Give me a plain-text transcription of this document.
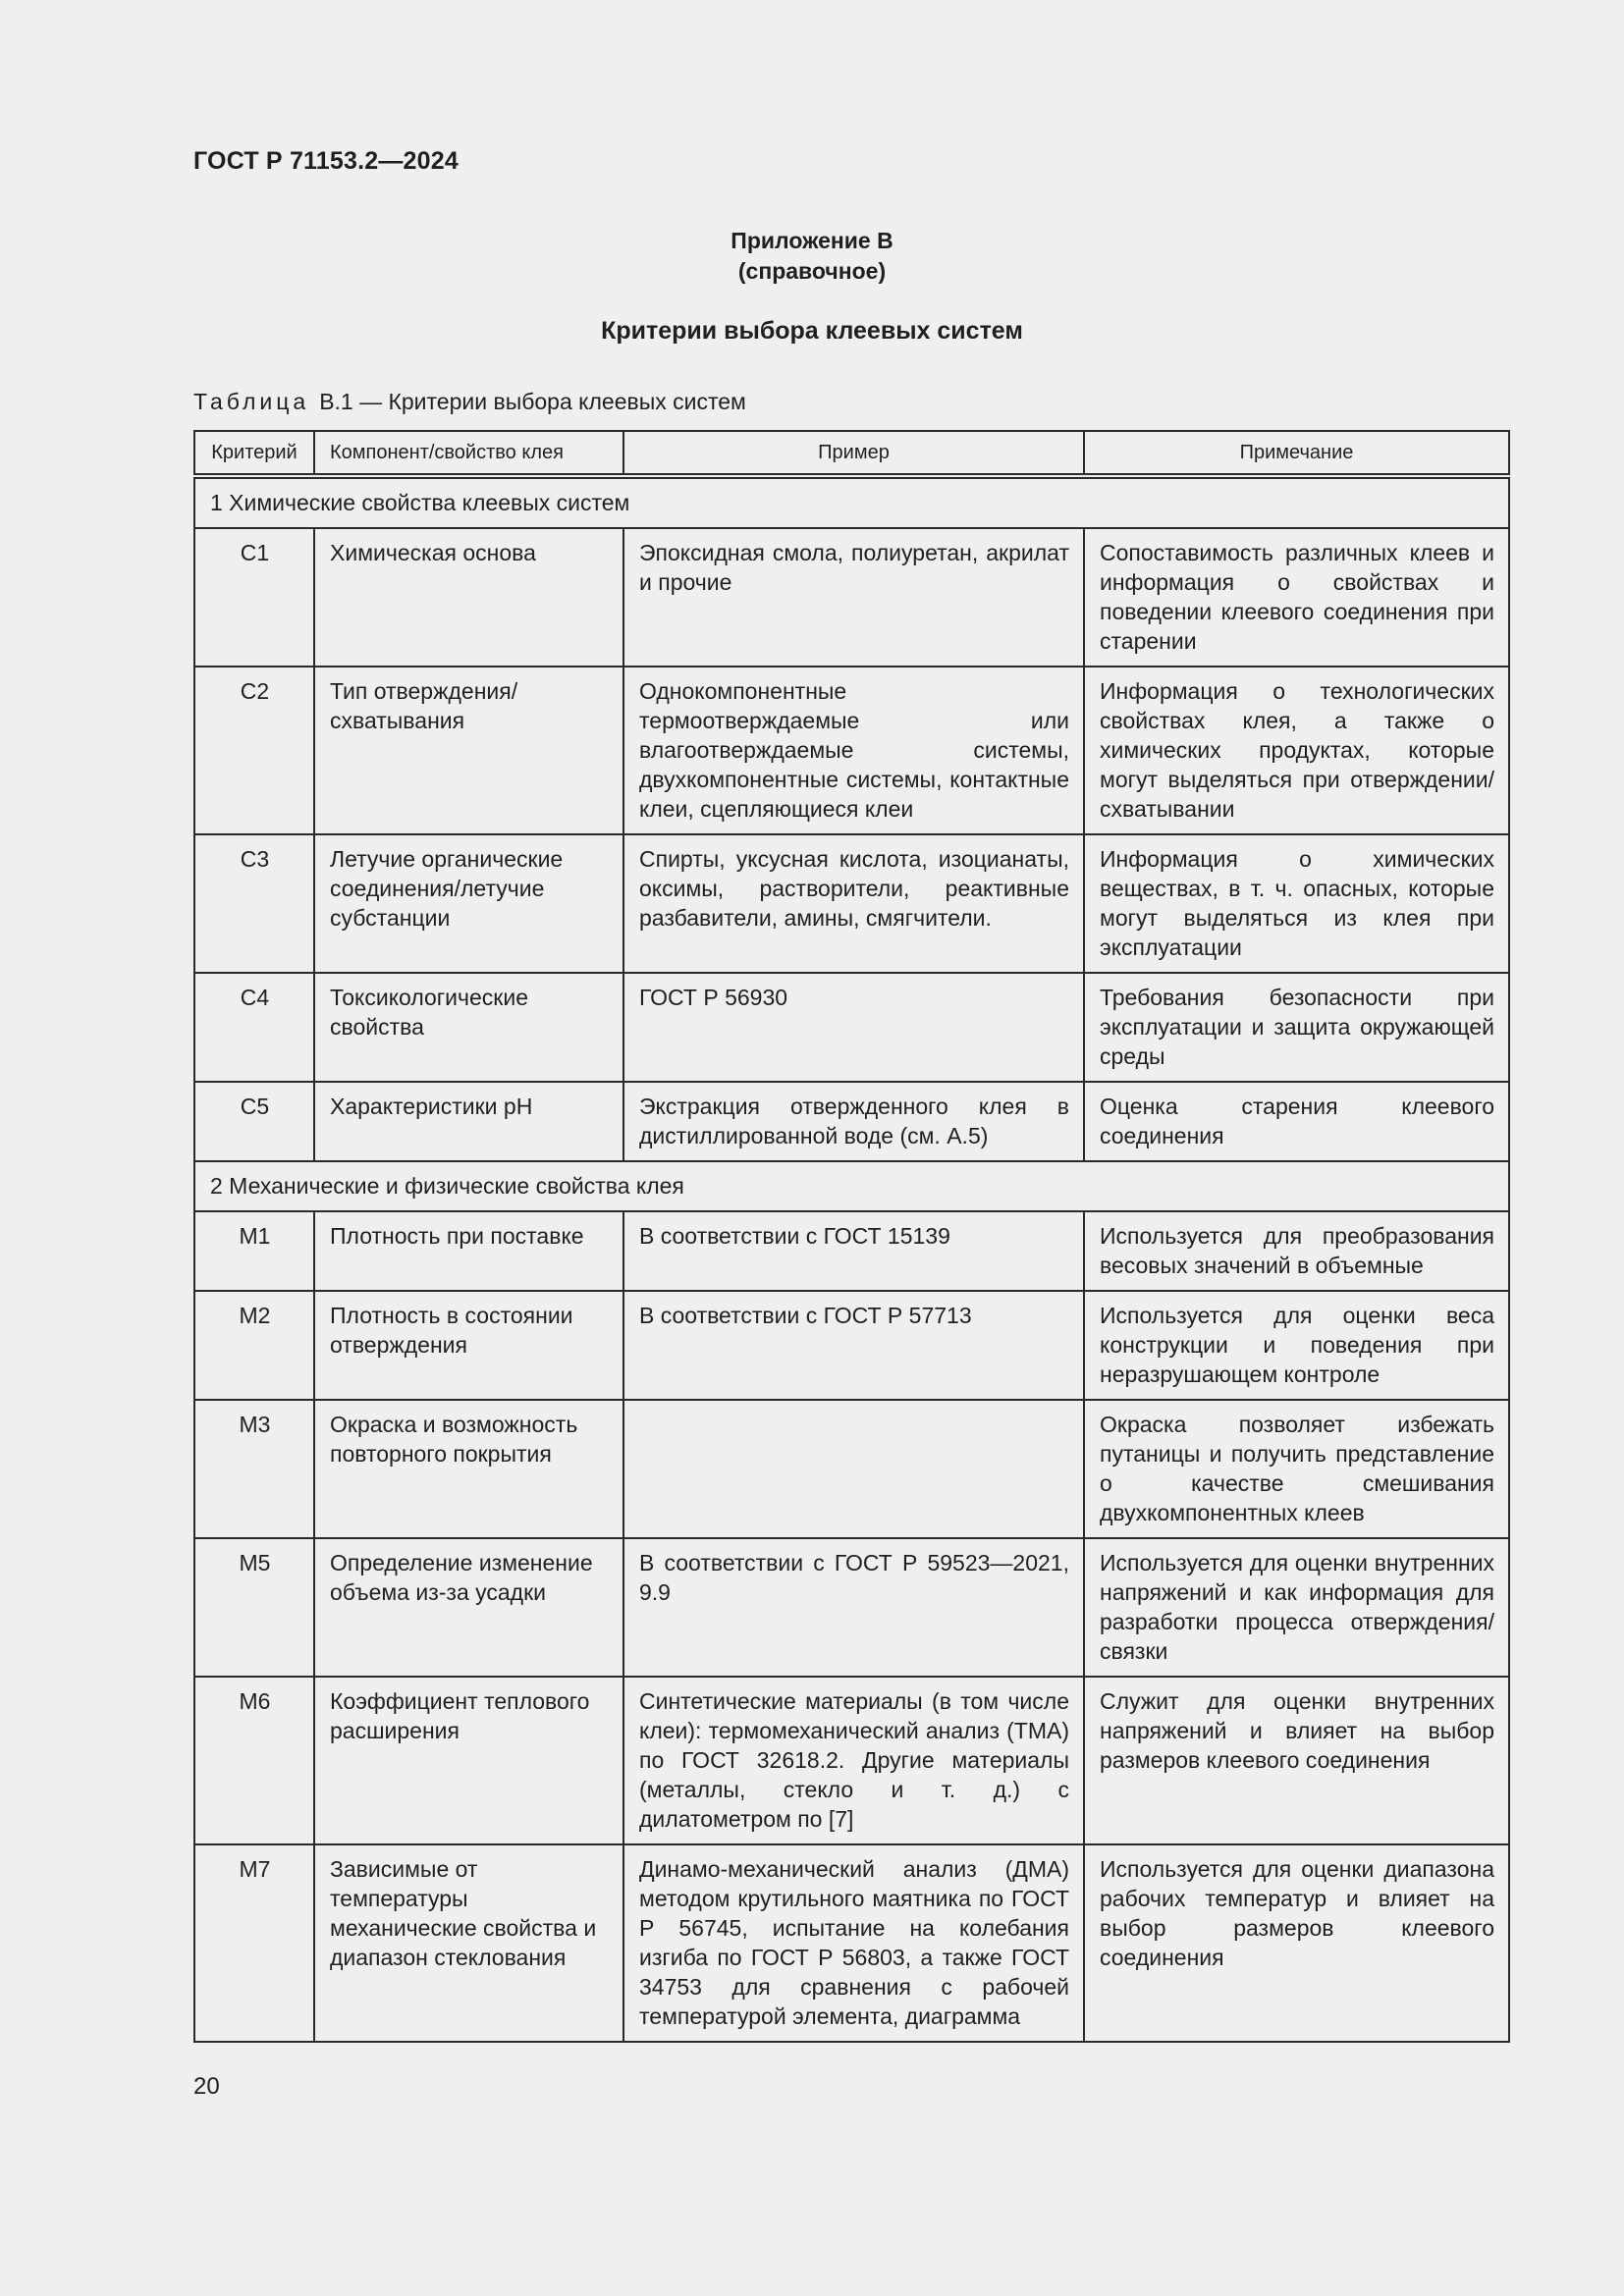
ГОСТ Р 71153.2—2024
Приложение В
(справочное)
Критерии выбора клеевых систем
Таблица В.1 — Критерии выбора клеевых систем
Критерий	Компонент/свойство клея	Пример	Примечание
1 Химические свойства клеевых систем			
С1	Химическая основа	Эпоксидная смола, полиуретан, акрилат и прочие	Сопоставимость различных клеев и информация о свойствах и поведении клеевого соединения при старении
С2	Тип отверждения/ схватывания	Однокомпонентные термоотверждаемые или влагоотверждаемые системы, двухкомпонентные системы, контактные клеи, сцепляющиеся клеи	Информация о технологических свойствах клея, а также о химических продуктах, которые могут выделяться при отверждении/ схватывании
С3	Летучие органические соединения/летучие субстанции	Спирты, уксусная кислота, изоцианаты, оксимы, растворители, реактивные разбавители, амины, смягчители.	Информация о химических веществах, в т. ч. опасных, которые могут выделяться из клея при эксплуатации
С4	Токсикологические свойства	ГОСТ Р 56930	Требования безопасности при эксплуатации и защита окружающей среды
С5	Характеристики pH	Экстракция отвержденного клея в дистиллированной воде (см. А.5)	Оценка старения клеевого соединения
2 Механические и физические свойства клея			
М1	Плотность при поставке	В соответствии с ГОСТ 15139	Используется для преобразования весовых значений в объемные
М2	Плотность в состоянии отверждения	В соответствии с ГОСТ Р 57713	Используется для оценки веса конструкции и поведения при неразрушающем контроле
М3	Окраска и возможность повторного покрытия		Окраска позволяет избежать путаницы и получить представление о качестве смешивания двухкомпонентных клеев
М5	Определение изменение объема из-за усадки	В соответствии с ГОСТ Р 59523—2021, 9.9	Используется для оценки внутренних напряжений и как информация для разработки процесса отверждения/связки
М6	Коэффициент теплового расширения	Синтетические материалы (в том числе клеи): термомеханический анализ (ТМА) по ГОСТ 32618.2. Другие материалы (металлы, стекло и т. д.) с дилатометром по [7]	Служит для оценки внутренних напряжений и влияет на выбор размеров клеевого соединения
М7	Зависимые от температуры механические свойства и диапазон стеклования	Динамо-механический анализ (ДМА) методом крутильного маятника по ГОСТ Р 56745, испытание на колебания изгиба по ГОСТ Р 56803, а также ГОСТ 34753 для сравнения с рабочей температурой элемента, диаграмма	Используется для оценки диапазона рабочих температур и влияет на выбор размеров клеевого соединения
20
